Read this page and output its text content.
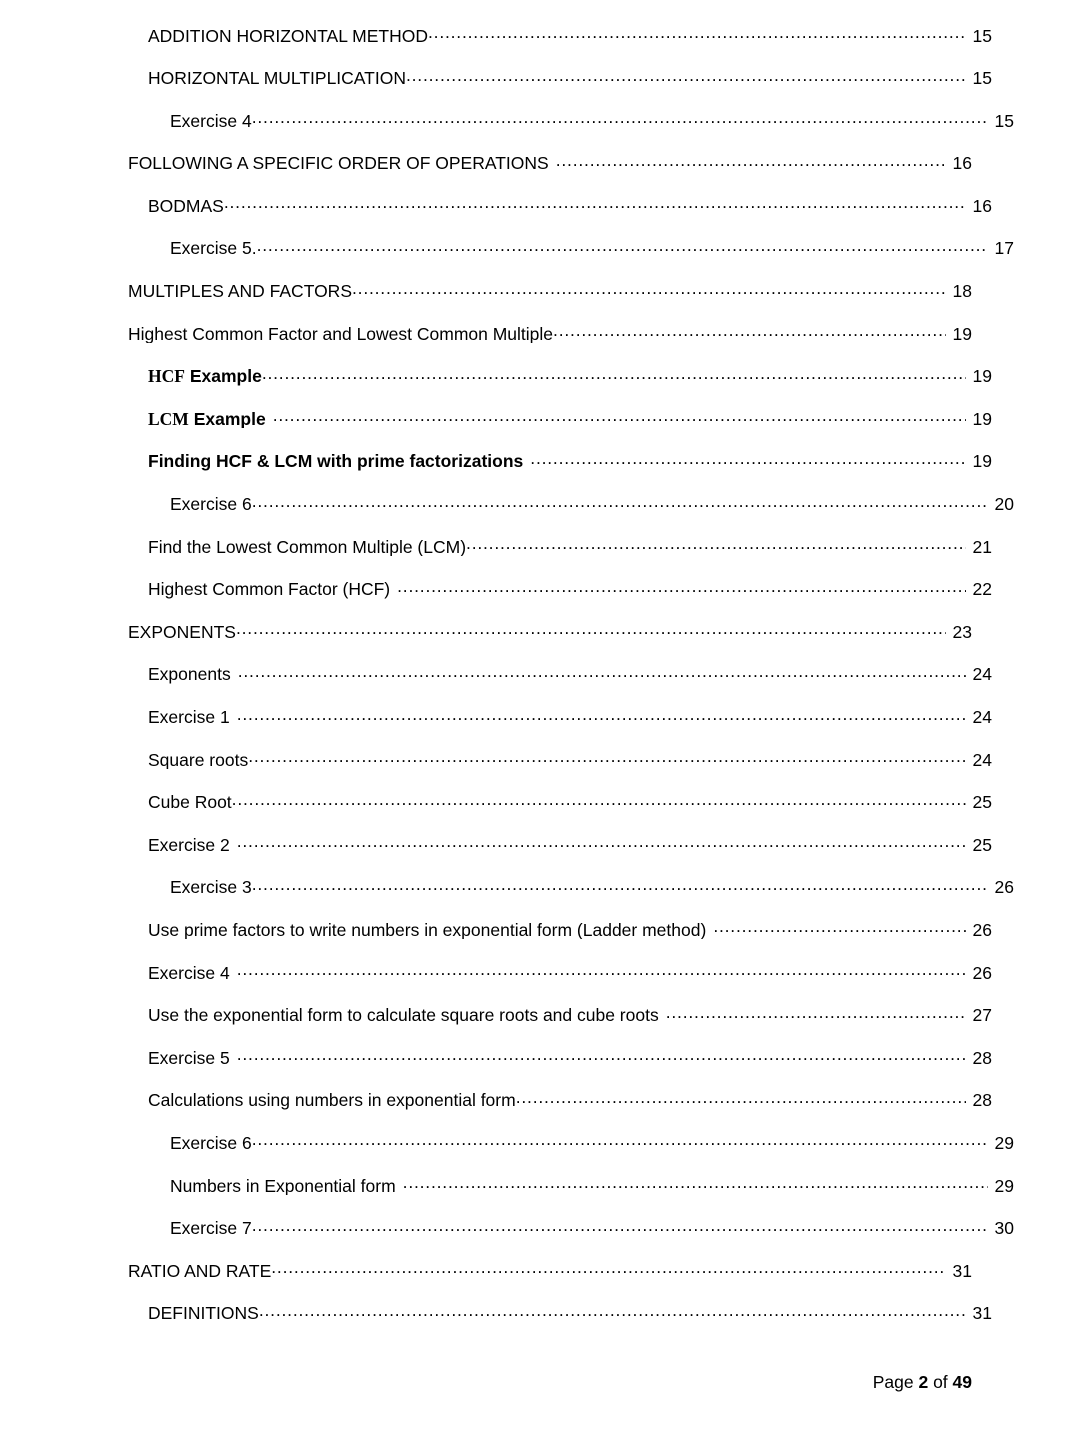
ADDITION HORIZONTAL METHOD .....	15
HORIZONTAL MULTIPLICATION .....	15
Exercise 4 .....	15
FOLLOWING A SPECIFIC ORDER OF OPERATIONS .....	16
BODMAS .....	16
Exercise 5. .....	17
MULTIPLES AND FACTORS .....	18
Highest Common Factor and Lowest Common Multiple .....	19
HCF Example .....	19
LCM Example .....	19
Finding HCF & LCM with prime factorizations .....	19
Exercise 6 .....	20
Find the Lowest Common Multiple (LCM) .....	21
Highest Common Factor (HCF) .....	22
EXPONENTS .....	23
Exponents .....	24
Exercise 1 .....	24
Square roots .....	24
Cube Root .....	25
Exercise 2 .....	25
Exercise 3 .....	26
Use prime factors to write numbers in exponential form (Ladder method) .....	26
Exercise 4 .....	26
Use the exponential form to calculate square roots and cube roots .....	27
Exercise 5 .....	28
Calculations using numbers in exponential form .....	28
Exercise 6 .....	29
Numbers in Exponential form .....	29
Exercise 7 .....	30
RATIO AND RATE .....	31
DEFINITIONS .....	31
Page 2 of 49
